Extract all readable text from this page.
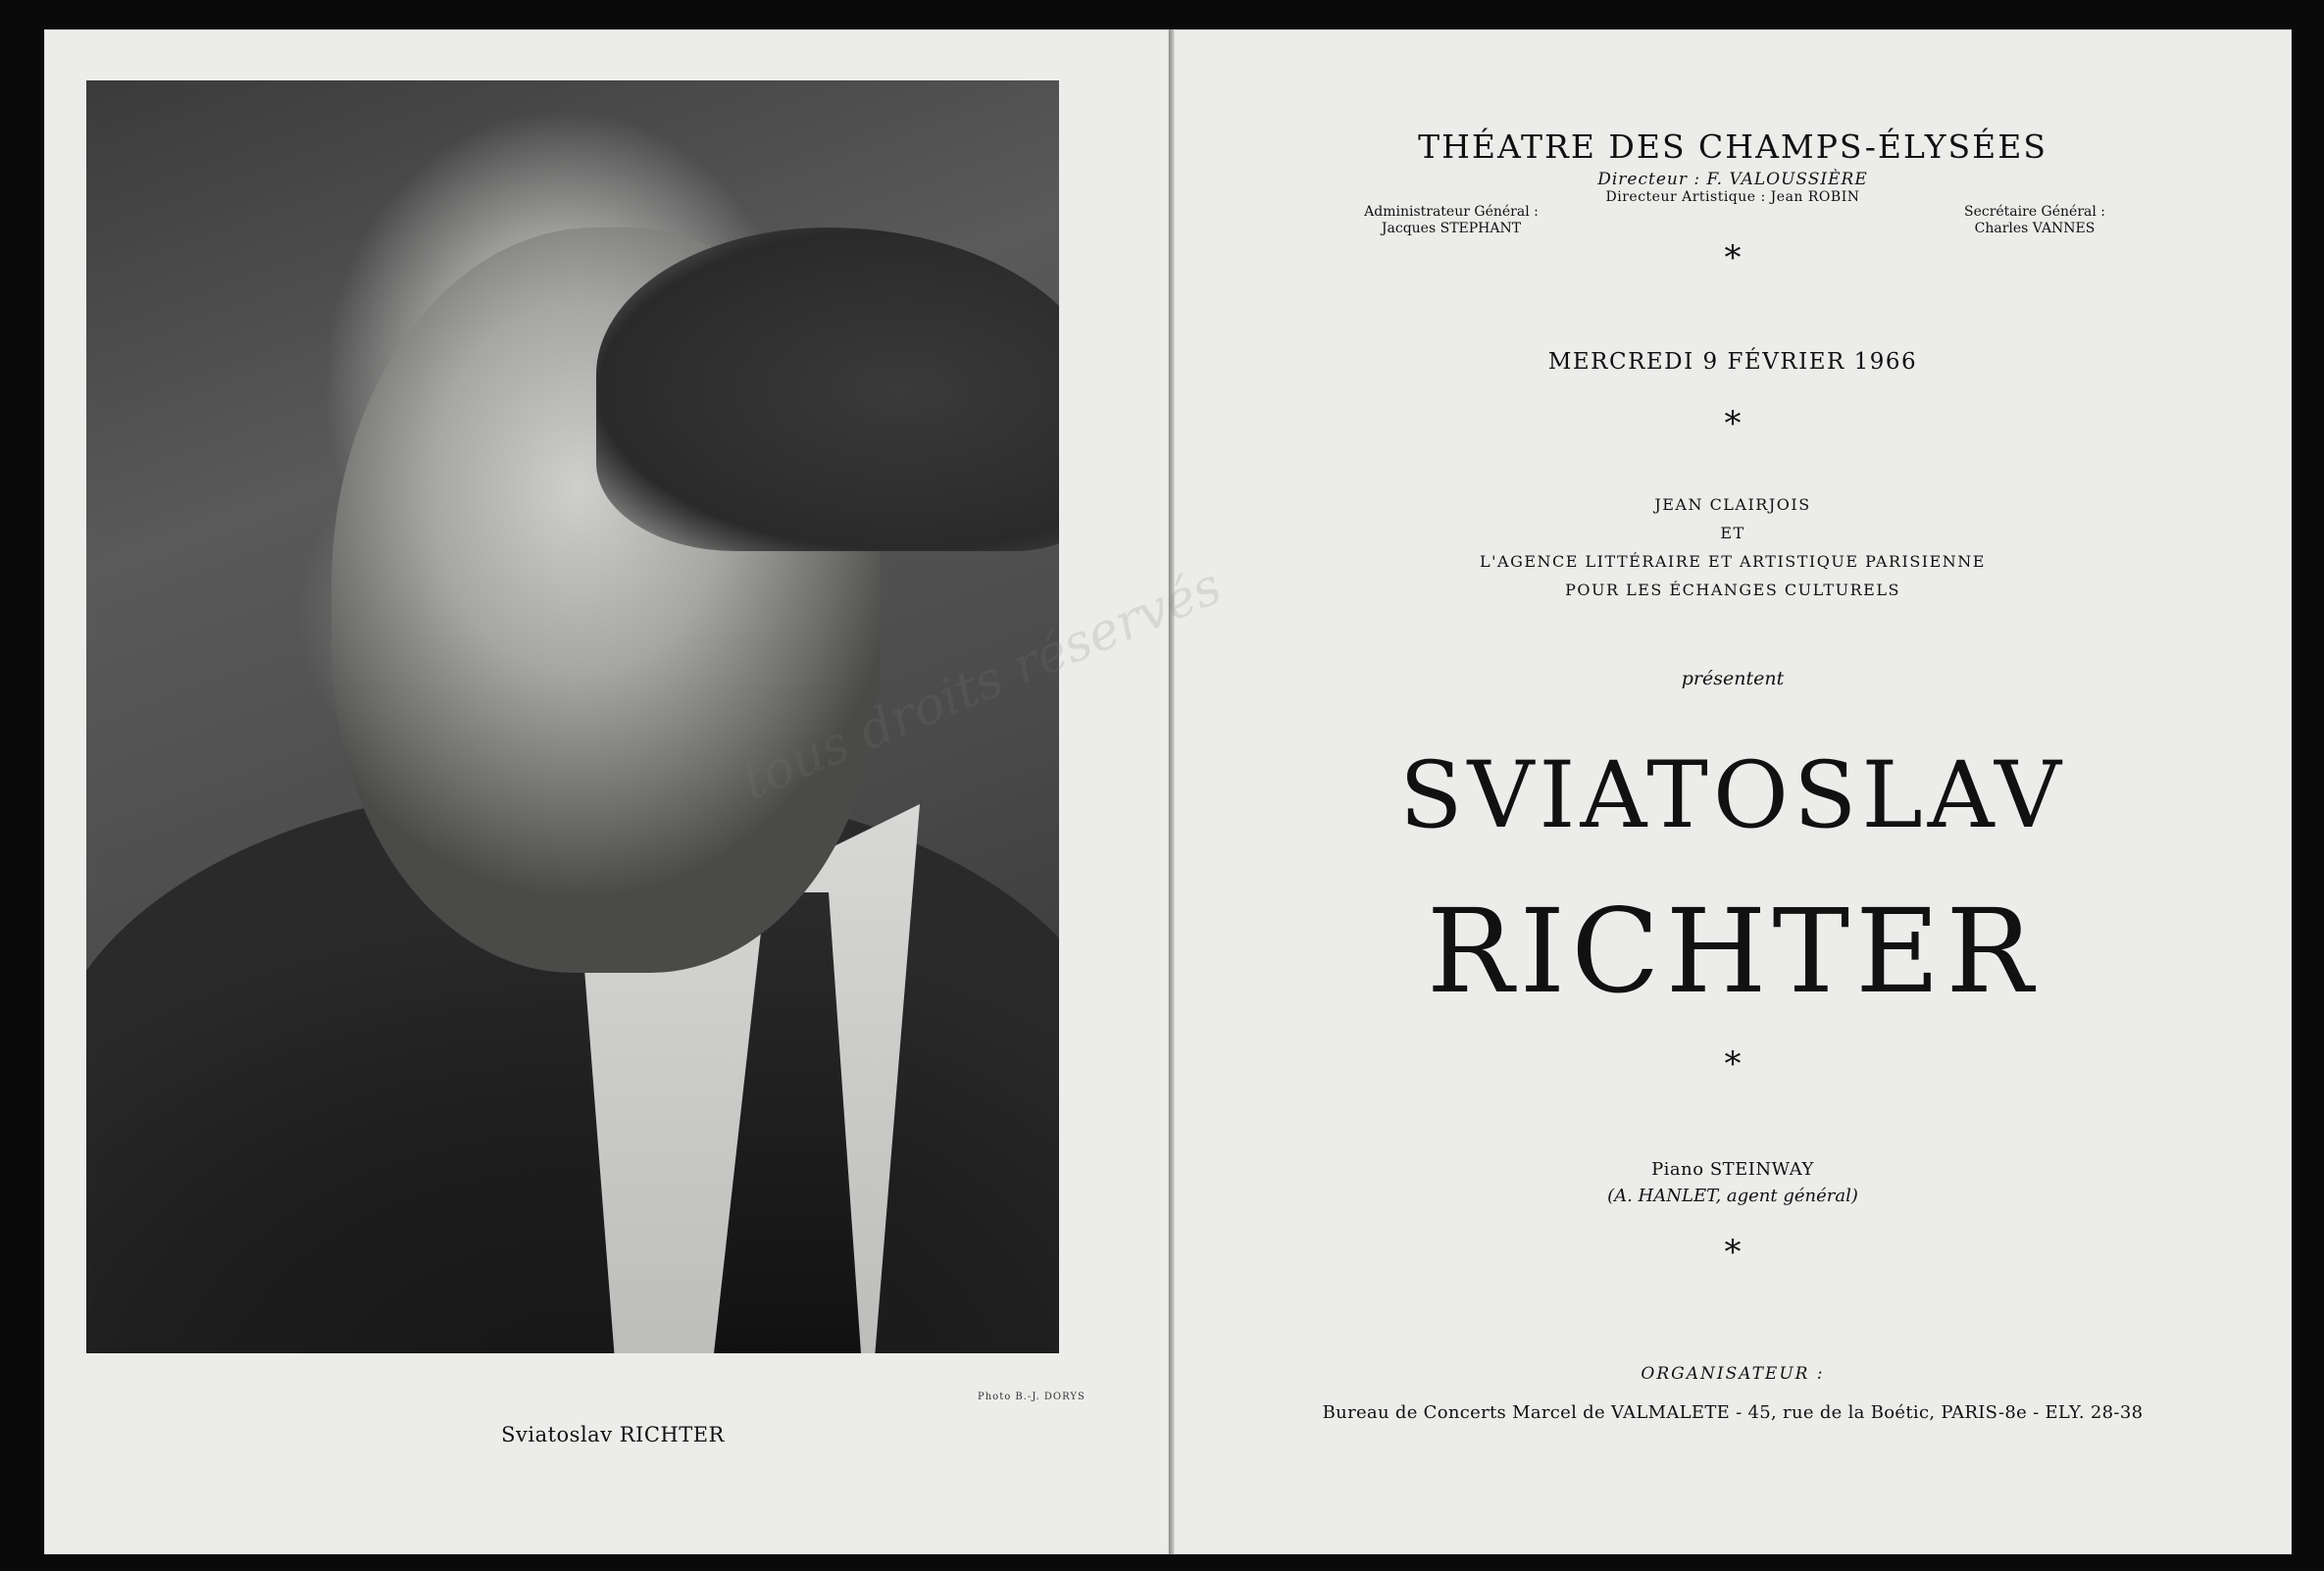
Photo B.-J. DORYS
Sviatoslav RICHTER
THÉATRE DES CHAMPS-ÉLYSÉES
Directeur : F. VALOUSSIÈRE
Directeur Artistique : Jean ROBIN
Administrateur Général :
Jacques STEPHANT
Secrétaire Général :
Charles VANNES
*
MERCREDI 9 FÉVRIER 1966
*
JEAN CLAIRJOIS
ET
L'AGENCE LITTÉRAIRE ET ARTISTIQUE PARISIENNE
POUR LES ÉCHANGES CULTURELS
présentent
SVIATOSLAV
RICHTER
*
Piano STEINWAY
(A. HANLET, agent général)
*
ORGANISATEUR :
Bureau de Concerts Marcel de VALMALETE - 45, rue de la Boétic, PARIS-8e - ELY. 28-38
